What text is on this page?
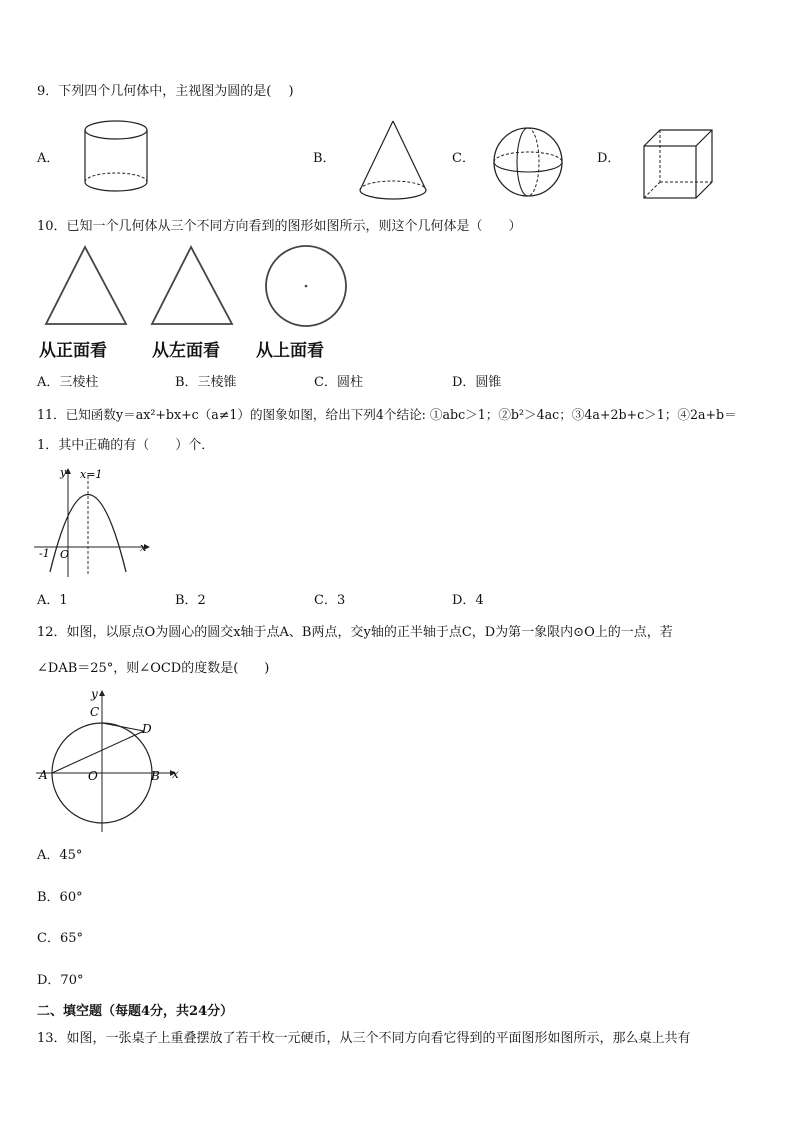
9．下列四个几何体中，主视图为圆的是(　 )
A．	B．	C．	D．
10．已知一个几何体从三个不同方向看到的图形如图所示，则这个几何体是（　　）
从正面看	从左面看 从上面看
A．三棱柱	B．三棱锥	C．圆柱	D．圆锥
11．已知函数y＝ax²+bx+c（a≠1）的图象如图，给出下列4个结论: ①abc＞1；②b²＞4ac；③4a+2b+c＞1；④2a+b＝
1．其中正确的有（　　）个．
y
x
x=1
-1 O
A．1	B．2	C．3	D．4
12．如图，以原点O为圆心的圆交x轴于点A、B两点，交y轴的正半轴于点C，D为第一象限内⊙O上的一点，若
∠DAB＝25°，则∠OCD的度数是(　　)
y
x
C
D
A	O	B
A．45°
B．60°
C．65°
D．70°
二、填空题（每题4分，共24分）
13．如图，一张桌子上重叠摆放了若干枚一元硬币，从三个不同方向看它得到的平面图形如图所示，那么桌上共有
